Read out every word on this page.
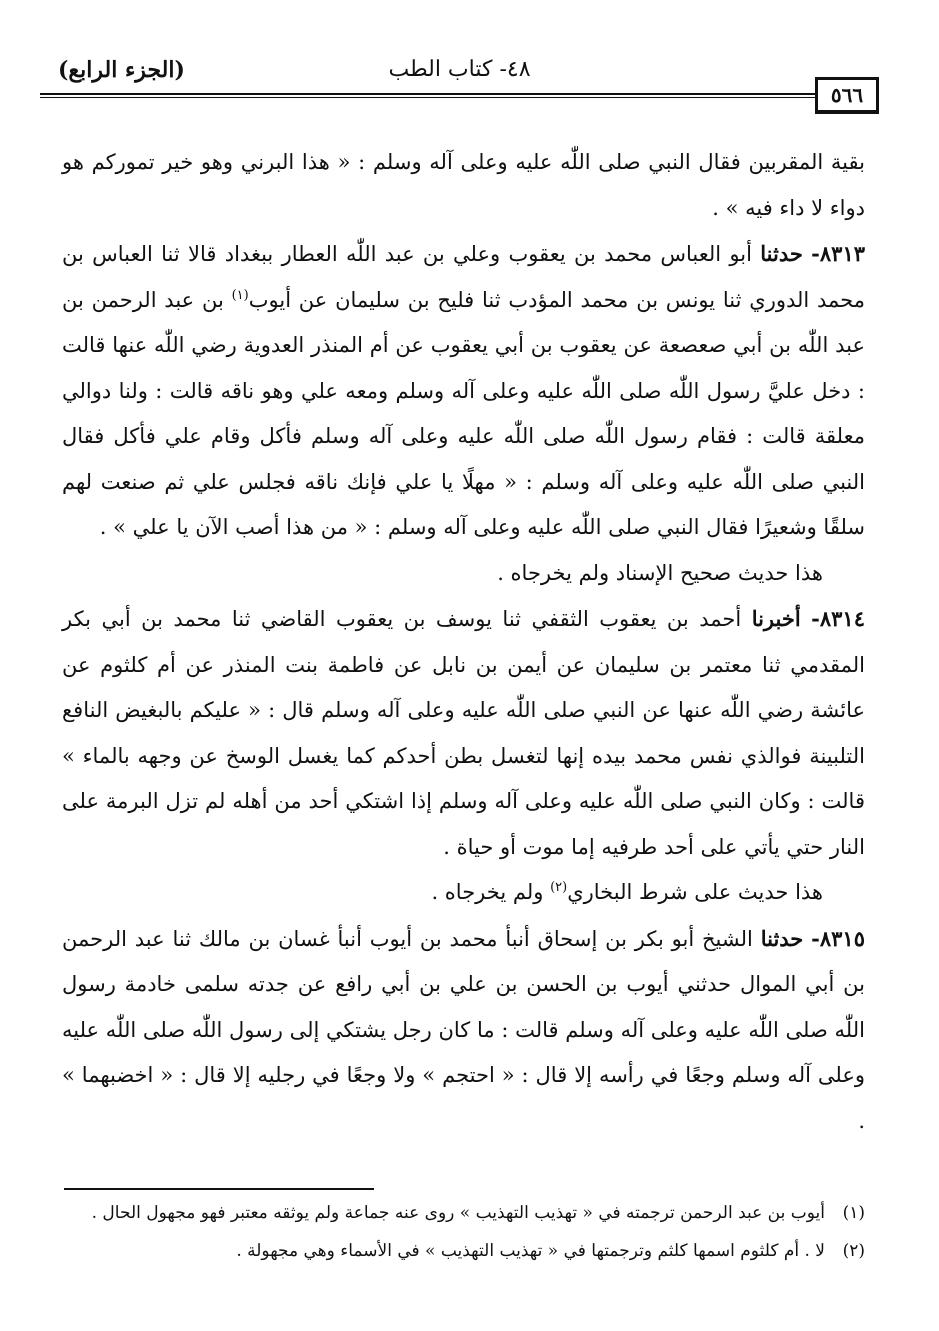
٥٦٦
٤٨- كتاب الطب
(الجزء الرابع)

بقية المقربين فقال النبي صلى اللّٰه عليه وعلى آله وسلم : « هذا البرني وهو خير تموركم هو دواء لا داء فيه » .

٨٣١٣- حدثنا أبو العباس محمد بن يعقوب وعلي بن عبد اللّٰه العطار ببغداد قالا ثنا العباس بن محمد الدوري ثنا يونس بن محمد المؤدب ثنا فليح بن سليمان عن أيوب$^{(١)}$ بن عبد الرحمن بن عبد اللّٰه بن أبي صعصعة عن يعقوب بن أبي يعقوب عن أم المنذر العدوية رضي اللّٰه عنها قالت : دخل عليَّ رسول اللّٰه صلى اللّٰه عليه وعلى آله وسلم ومعه علي وهو ناقه قالت : ولنا دوالي معلقة قالت : فقام رسول اللّٰه صلى اللّٰه عليه وعلى آله وسلم فأكل وقام علي فأكل فقال النبي صلى اللّٰه عليه وعلى آله وسلم : « مهلًا يا علي فإنك ناقه فجلس علي ثم صنعت لهم سلقًا وشعيرًا فقال النبي صلى اللّٰه عليه وعلى آله وسلم : « من هذا أصب الآن يا علي » .

هذا حديث صحيح الإسناد ولم يخرجاه .

٨٣١٤- أخبرنا أحمد بن يعقوب الثقفي ثنا يوسف بن يعقوب القاضي ثنا محمد بن أبي بكر المقدمي ثنا معتمر بن سليمان عن أيمن بن نابل عن فاطمة بنت المنذر عن أم كلثوم عن عائشة رضي اللّٰه عنها عن النبي صلى اللّٰه عليه وعلى آله وسلم قال : « عليكم بالبغيض النافع التلبينة فوالذي نفس محمد بيده إنها لتغسل بطن أحدكم كما يغسل الوسخ عن وجهه بالماء » قالت : وكان النبي صلى اللّٰه عليه وعلى آله وسلم إذا اشتكي أحد من أهله لم تزل البرمة على النار حتي يأتي على أحد طرفيه إما موت أو حياة .

هذا حديث على شرط البخاري$^{(٢)}$ ولم يخرجاه .

٨٣١٥- حدثنا الشيخ أبو بكر بن إسحاق أنبأ محمد بن أيوب أنبأ غسان بن مالك ثنا عبد الرحمن بن أبي الموال حدثني أيوب بن الحسن بن علي بن أبي رافع عن جدته سلمى خادمة رسول اللّٰه صلى اللّٰه عليه وعلى آله وسلم قالت : ما كان رجل يشتكي إلى رسول اللّٰه صلى اللّٰه عليه وعلى آله وسلم وجعًا في رأسه إلا قال : « احتجم » ولا وجعًا في رجليه إلا قال : « اخضبهما » .

(١)
أيوب بن عبد الرحمن ترجمته في « تهذيب التهذيب » روى عنه جماعة ولم يوثقه معتبر فهو مجهول الحال .

(٢)
لا . أم كلثوم اسمها كلثم وترجمتها في « تهذيب التهذيب » في الأسماء وهي مجهولة .
